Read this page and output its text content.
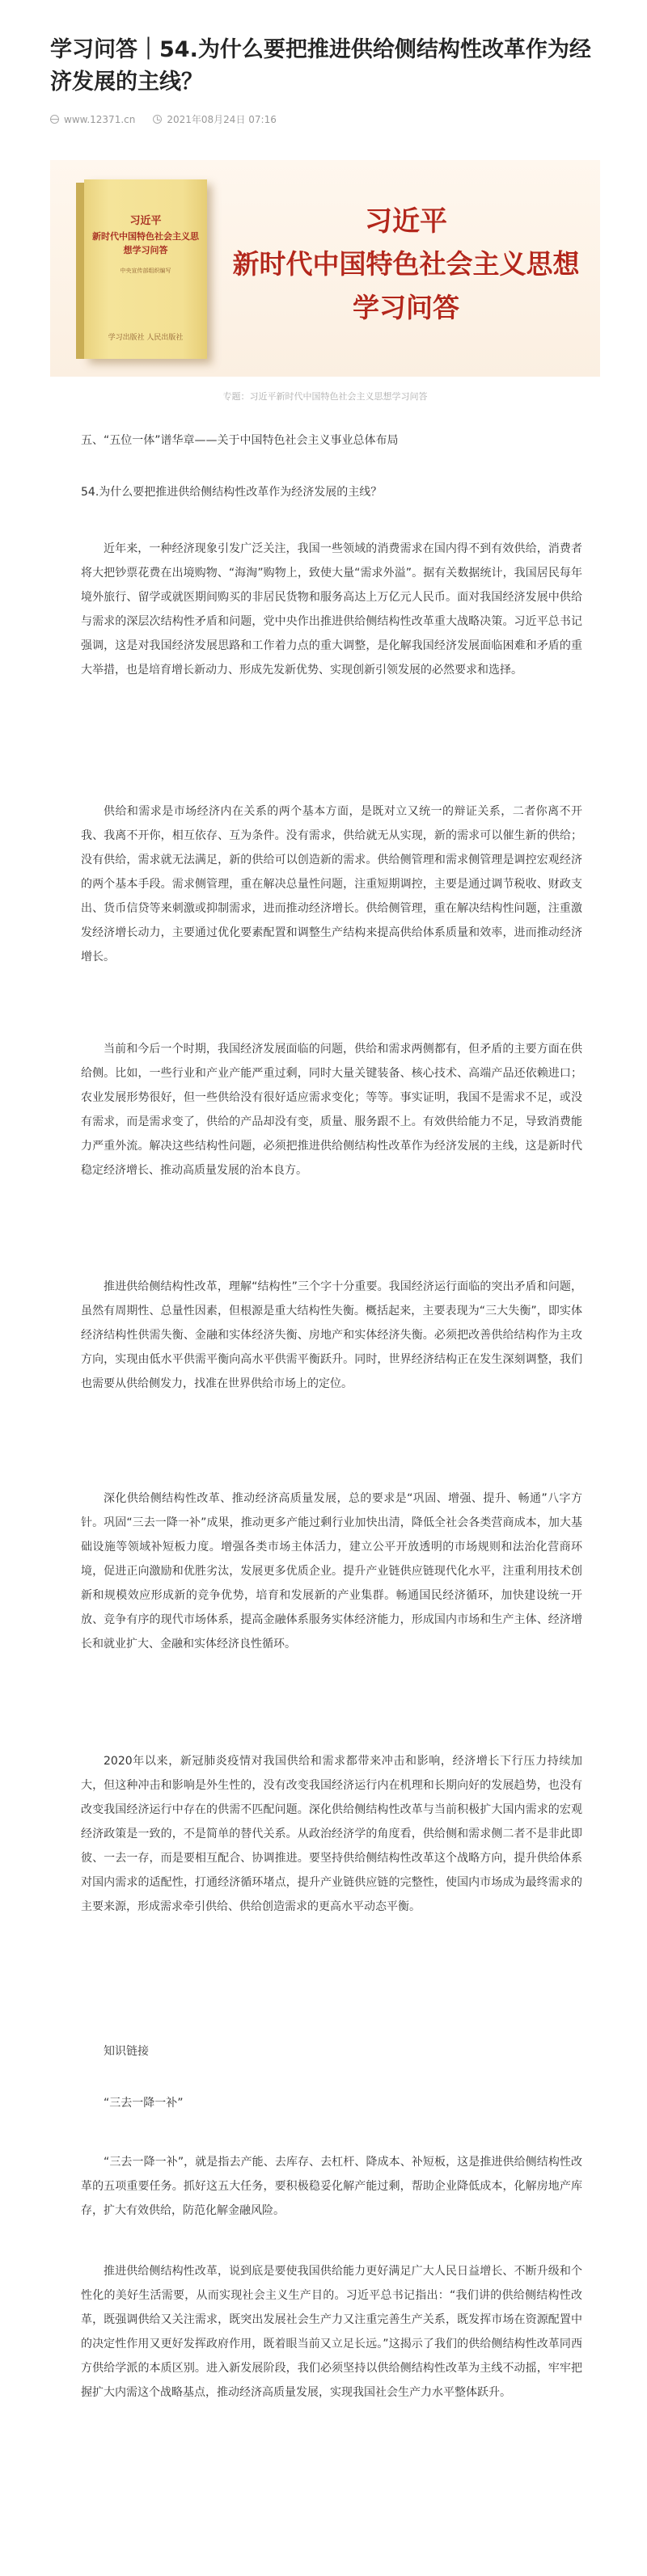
学习问答｜54.为什么要把推进供给侧结构性改革作为经济发展的主线？
www.12371.cn	2021年08月24日 07:16
习近平
新时代中国特色社会主义思想学习问答
中央宣传部组织编写
学习出版社 人民出版社
习近平
新时代中国特色社会主义思想
学习问答
专题：习近平新时代中国特色社会主义思想学习问答

五、“五位一体”谱华章——关于中国特色社会主义事业总体布局

54.为什么要把推进供给侧结构性改革作为经济发展的主线？

近年来，一种经济现象引发广泛关注，我国一些领域的消费需求在国内得不到有效供给，消费者将大把钞票花费在出境购物、“海淘”购物上，致使大量“需求外溢”。据有关数据统计，我国居民每年境外旅行、留学或就医期间购买的非居民货物和服务高达上万亿元人民币。面对我国经济发展中供给与需求的深层次结构性矛盾和问题，党中央作出推进供给侧结构性改革重大战略决策。习近平总书记强调，这是对我国经济发展思路和工作着力点的重大调整，是化解我国经济发展面临困难和矛盾的重大举措，也是培育增长新动力、形成先发新优势、实现创新引领发展的必然要求和选择。

供给和需求是市场经济内在关系的两个基本方面，是既对立又统一的辩证关系，二者你离不开我、我离不开你，相互依存、互为条件。没有需求，供给就无从实现，新的需求可以催生新的供给；没有供给，需求就无法满足，新的供给可以创造新的需求。供给侧管理和需求侧管理是调控宏观经济的两个基本手段。需求侧管理，重在解决总量性问题，注重短期调控，主要是通过调节税收、财政支出、货币信贷等来刺激或抑制需求，进而推动经济增长。供给侧管理，重在解决结构性问题，注重激发经济增长动力，主要通过优化要素配置和调整生产结构来提高供给体系质量和效率，进而推动经济增长。

当前和今后一个时期，我国经济发展面临的问题，供给和需求两侧都有，但矛盾的主要方面在供给侧。比如，一些行业和产业产能严重过剩，同时大量关键装备、核心技术、高端产品还依赖进口；农业发展形势很好，但一些供给没有很好适应需求变化；等等。事实证明，我国不是需求不足，或没有需求，而是需求变了，供给的产品却没有变，质量、服务跟不上。有效供给能力不足，导致消费能力严重外流。解决这些结构性问题，必须把推进供给侧结构性改革作为经济发展的主线，这是新时代稳定经济增长、推动高质量发展的治本良方。

推进供给侧结构性改革，理解“结构性”三个字十分重要。我国经济运行面临的突出矛盾和问题，虽然有周期性、总量性因素，但根源是重大结构性失衡。概括起来，主要表现为“三大失衡”，即实体经济结构性供需失衡、金融和实体经济失衡、房地产和实体经济失衡。必须把改善供给结构作为主攻方向，实现由低水平供需平衡向高水平供需平衡跃升。同时，世界经济结构正在发生深刻调整，我们也需要从供给侧发力，找准在世界供给市场上的定位。

深化供给侧结构性改革、推动经济高质量发展，总的要求是“巩固、增强、提升、畅通”八字方针。巩固“三去一降一补”成果，推动更多产能过剩行业加快出清，降低全社会各类营商成本，加大基础设施等领域补短板力度。增强各类市场主体活力，建立公平开放透明的市场规则和法治化营商环境，促进正向激励和优胜劣汰，发展更多优质企业。提升产业链供应链现代化水平，注重利用技术创新和规模效应形成新的竞争优势，培育和发展新的产业集群。畅通国民经济循环，加快建设统一开放、竞争有序的现代市场体系，提高金融体系服务实体经济能力，形成国内市场和生产主体、经济增长和就业扩大、金融和实体经济良性循环。

2020年以来，新冠肺炎疫情对我国供给和需求都带来冲击和影响，经济增长下行压力持续加大，但这种冲击和影响是外生性的，没有改变我国经济运行内在机理和长期向好的发展趋势，也没有改变我国经济运行中存在的供需不匹配问题。深化供给侧结构性改革与当前积极扩大国内需求的宏观经济政策是一致的，不是简单的替代关系。从政治经济学的角度看，供给侧和需求侧二者不是非此即彼、一去一存，而是要相互配合、协调推进。要坚持供给侧结构性改革这个战略方向，提升供给体系对国内需求的适配性，打通经济循环堵点，提升产业链供应链的完整性，使国内市场成为最终需求的主要来源，形成需求牵引供给、供给创造需求的更高水平动态平衡。

知识链接

“三去一降一补”

“三去一降一补”，就是指去产能、去库存、去杠杆、降成本、补短板，这是推进供给侧结构性改革的五项重要任务。抓好这五大任务，要积极稳妥化解产能过剩，帮助企业降低成本，化解房地产库存，扩大有效供给，防范化解金融风险。

推进供给侧结构性改革，说到底是要使我国供给能力更好满足广大人民日益增长、不断升级和个性化的美好生活需要，从而实现社会主义生产目的。习近平总书记指出：“我们讲的供给侧结构性改革，既强调供给又关注需求，既突出发展社会生产力又注重完善生产关系，既发挥市场在资源配置中的决定性作用又更好发挥政府作用，既着眼当前又立足长远。”这揭示了我们的供给侧结构性改革同西方供给学派的本质区别。进入新发展阶段，我们必须坚持以供给侧结构性改革为主线不动摇，牢牢把握扩大内需这个战略基点，推动经济高质量发展，实现我国社会生产力水平整体跃升。
